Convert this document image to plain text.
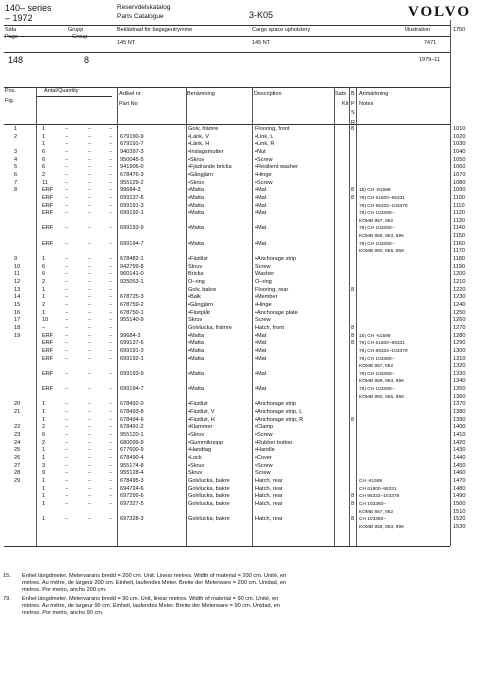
140– series
– 1972
Reservdelskatalog
Parts Catalogue	3-K05	VOLVO
Sida
Page
Grupp
Group
Beklädnad för bagageutrymme	Cargo space upholstery	Illustration	1750
145 NT	145 NT	7471
148	8	1979–11
Pos.
Fig.
Antal/Quantity	Artikel nr
Part No
Benämning	Description	Sats
Kit
B
P
S
R
Anmärkning
Notes
1	1	–	–	–	Golv, främre	Flooring, front	8	1010
2	1	–	–	– 679190-9	•Länk, V	•Link, L	1020
1	–	–	– 679191-7	•Länk, H	•Link, R	1030
3	6	–	–	– 940397-3	•Inslagsmutter	•Nut	1040
4	6	–	–	– 950045-5	•Skruv	•Screw	1050
5	6	–	–	– 941906-0	•Fjädrande bricka	•Resilient washer	1060
6	2	–	–	– 678476-3	•Gångjärn	•Hinge	1070
7	11	–	–	– 955129-2	•Skruv	•Screw	1080
8	ERF –	–	– 99684-3	•Matta	•Mat	8 15) CH -61599	1090
ERF –	–	– 699137-6	•Matta	•Mat	8 79) CH 61600–95331	1100
ERF –	–	– 699191-3	•Matta	•Mat	79) CH 95332–103379	1110
ERF –	–	– 699192-1	•Matta	•Mat	79) CH 103380–	1120
KOMB 857, 862	1130
ERF –	–	– 699193-9	•Matta	•Mat	79) CH 103380–	1140
KOMB 858, 863, 896	1150
ERF –	–	– 699194-7	•Matta	•Mat	79) CH 103380–	1160
KOMB 860, 865, 868	1170
9	1	–	–	– 678482-1	•Fästlist	•Anchorage strip	1180
10	6	–	–	– 942799-8	Skruv	Screw	1190
11	6	–	–	– 960141-0	Bricka	Washer	1200
12	2	–	–	– 925053-1	O–ring	O–ring	1210
13	1	–	–	–	Golv, bakre	Flooring, rear	8	1220
14	1	–	–	– 678725-3	•Balk	•Member	1230
15	2	–	–	– 678759-2	•Gångjärn	•Hinge	1240
16	1	–	–	– 678750-1	•Fästplåt	•Anchorage plate	1250
17	10	–	–	– 955140-9	Skruv	Screw	1260
18	–	–	–	–	Golvlucka, främre	Hatch, front	8	1270
19	ERF –	–	– 99684-3	•Matta	•Mat	8 15) CH -61599	1280
ERF –	–	– 699137-6	•Matta	•Mat	8 79) CH 61600–95331	1290
ERF –	–	– 699191-3	•Matta	•Mat	79) CH 95332–103379	1300
ERF –	–	– 699192-1	•Matta	•Mat	79) CH 103380–	1310
KOMB 857, 862	1320
ERF –	–	– 699193-9	•Matta	•Mat	79) CH 103380–	1330
KOMB 858, 863, 896	1340
ERF –	–	– 699194-7	•Matta	•Mat	79) CH 103380–	1350
KOMB 860, 865, 868	1360
20	1	–	–	– 678492-0	•Fästlist	•Anchorage strip	1370
21	1	–	–	– 678493-8	•Fästlist, V	•Anchorage strip, L	1380
1	–	–	– 678494-6	•Fästlist, H	•Anchorage strip, R	8	1390
22	2	–	–	– 678491-2	•Klammer	•Clamp	1400
23	6	–	–	– 955120-1	•Skruv	•Screw	1410
24	2	–	–	– 680099-9	•Gummiknopp	•Rubber button	1420
25	1	–	–	– 677600-9	•Handtag	•Handle	1430
26	1	–	–	– 678490-4	•Lock	•Cover	1440
27	3	–	–	– 955174-8	•Skruv	•Screw	1450
28	9	–	–	– 955128-4	Skruv	Screw	1460
29	1	–	–	– 678495-3	Golvlucka, bakre	Hatch, rear	CH -61599	1470
1	–	–	– 694724-6	Golvlucka, bakre	Hatch, rear	CH 61600–95331	1480
1	–	–	– 697299-6	Golvlucka, bakre	Hatch, rear	8 CH 95332–103379	1490
1	–	–	– 697327-5	Golvlucka, bakre	Hatch, rear	8 CH 103380–	1500
KOMB 857, 862	1510
1	–	–	– 697328-3	Golvlucka, bakre	Hatch, rear	8 CH 103380–	1520
KOMB 858, 863, 896	1530
15. Enhet längdmeter. Metervarans bredd = 200 cm. Unit: Linear metres. Width of material = 200 cm. Unité, en
mètres. Au mètre, de largeur 200 cm. Einheit, laufendes Meter. Breite der Meterware = 200 cm. Unidad, en
metros. Por metro, ancho 200 cm.
79. Enhet längdmeter. Metervarans bredd = 90 cm. Unit, linear metres. Width of material = 90 cm. Unité, en
mètres. Au mètre, de largeur 90 cm. Einheit, laufendes Meter. Breite der Meterware = 90 cm. Unidad, en
metros. Por metro, ancho 90 cm.
